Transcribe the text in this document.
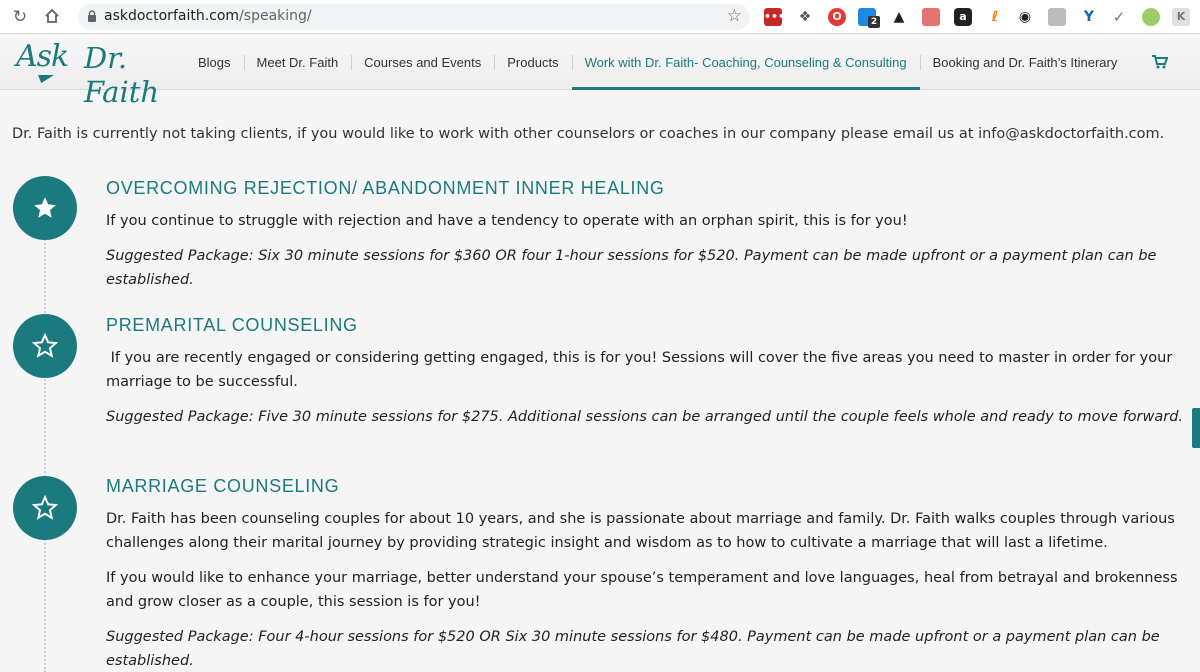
↻	askdoctorfaith.com/speaking/	☆ ••• ❖	O	2 ▲	a	ℓ	◉	Y ✓	K
Ask Dr. Faith
Blogs	Meet Dr. Faith	Courses and Events	Products	Work with Dr. Faith- Coaching, Counseling & Consulting	Booking and Dr. Faith’s Itinerary
Dr. Faith is currently not taking clients, if you would like to work with other counselors or coaches in our company please email us at info@askdoctorfaith.com.
OVERCOMING REJECTION/ ABANDONMENT INNER HEALING

If you continue to struggle with rejection and have a tendency to operate with an orphan spirit, this is for you!

Suggested Package: Six 30 minute sessions for $360 OR four 1-hour sessions for $520. Payment can be made upfront or a payment plan can be established.

PREMARITAL COUNSELING

If you are recently engaged or considering getting engaged, this is for you! Sessions will cover the five areas you need to master in order for your marriage to be successful.

Suggested Package: Five 30 minute sessions for $275. Additional sessions can be arranged until the couple feels whole and ready to move forward.

MARRIAGE COUNSELING

Dr. Faith has been counseling couples for about 10 years, and she is passionate about marriage and family. Dr. Faith walks couples through various challenges along their marital journey by providing strategic insight and wisdom as to how to cultivate a marriage that will last a lifetime.

If you would like to enhance your marriage, better understand your spouse’s temperament and love languages, heal from betrayal and brokenness and grow closer as a couple, this session is for you!

Suggested Package: Four 4-hour sessions for $520 OR Six 30 minute sessions for $480. Payment can be made upfront or a payment plan can be established.
